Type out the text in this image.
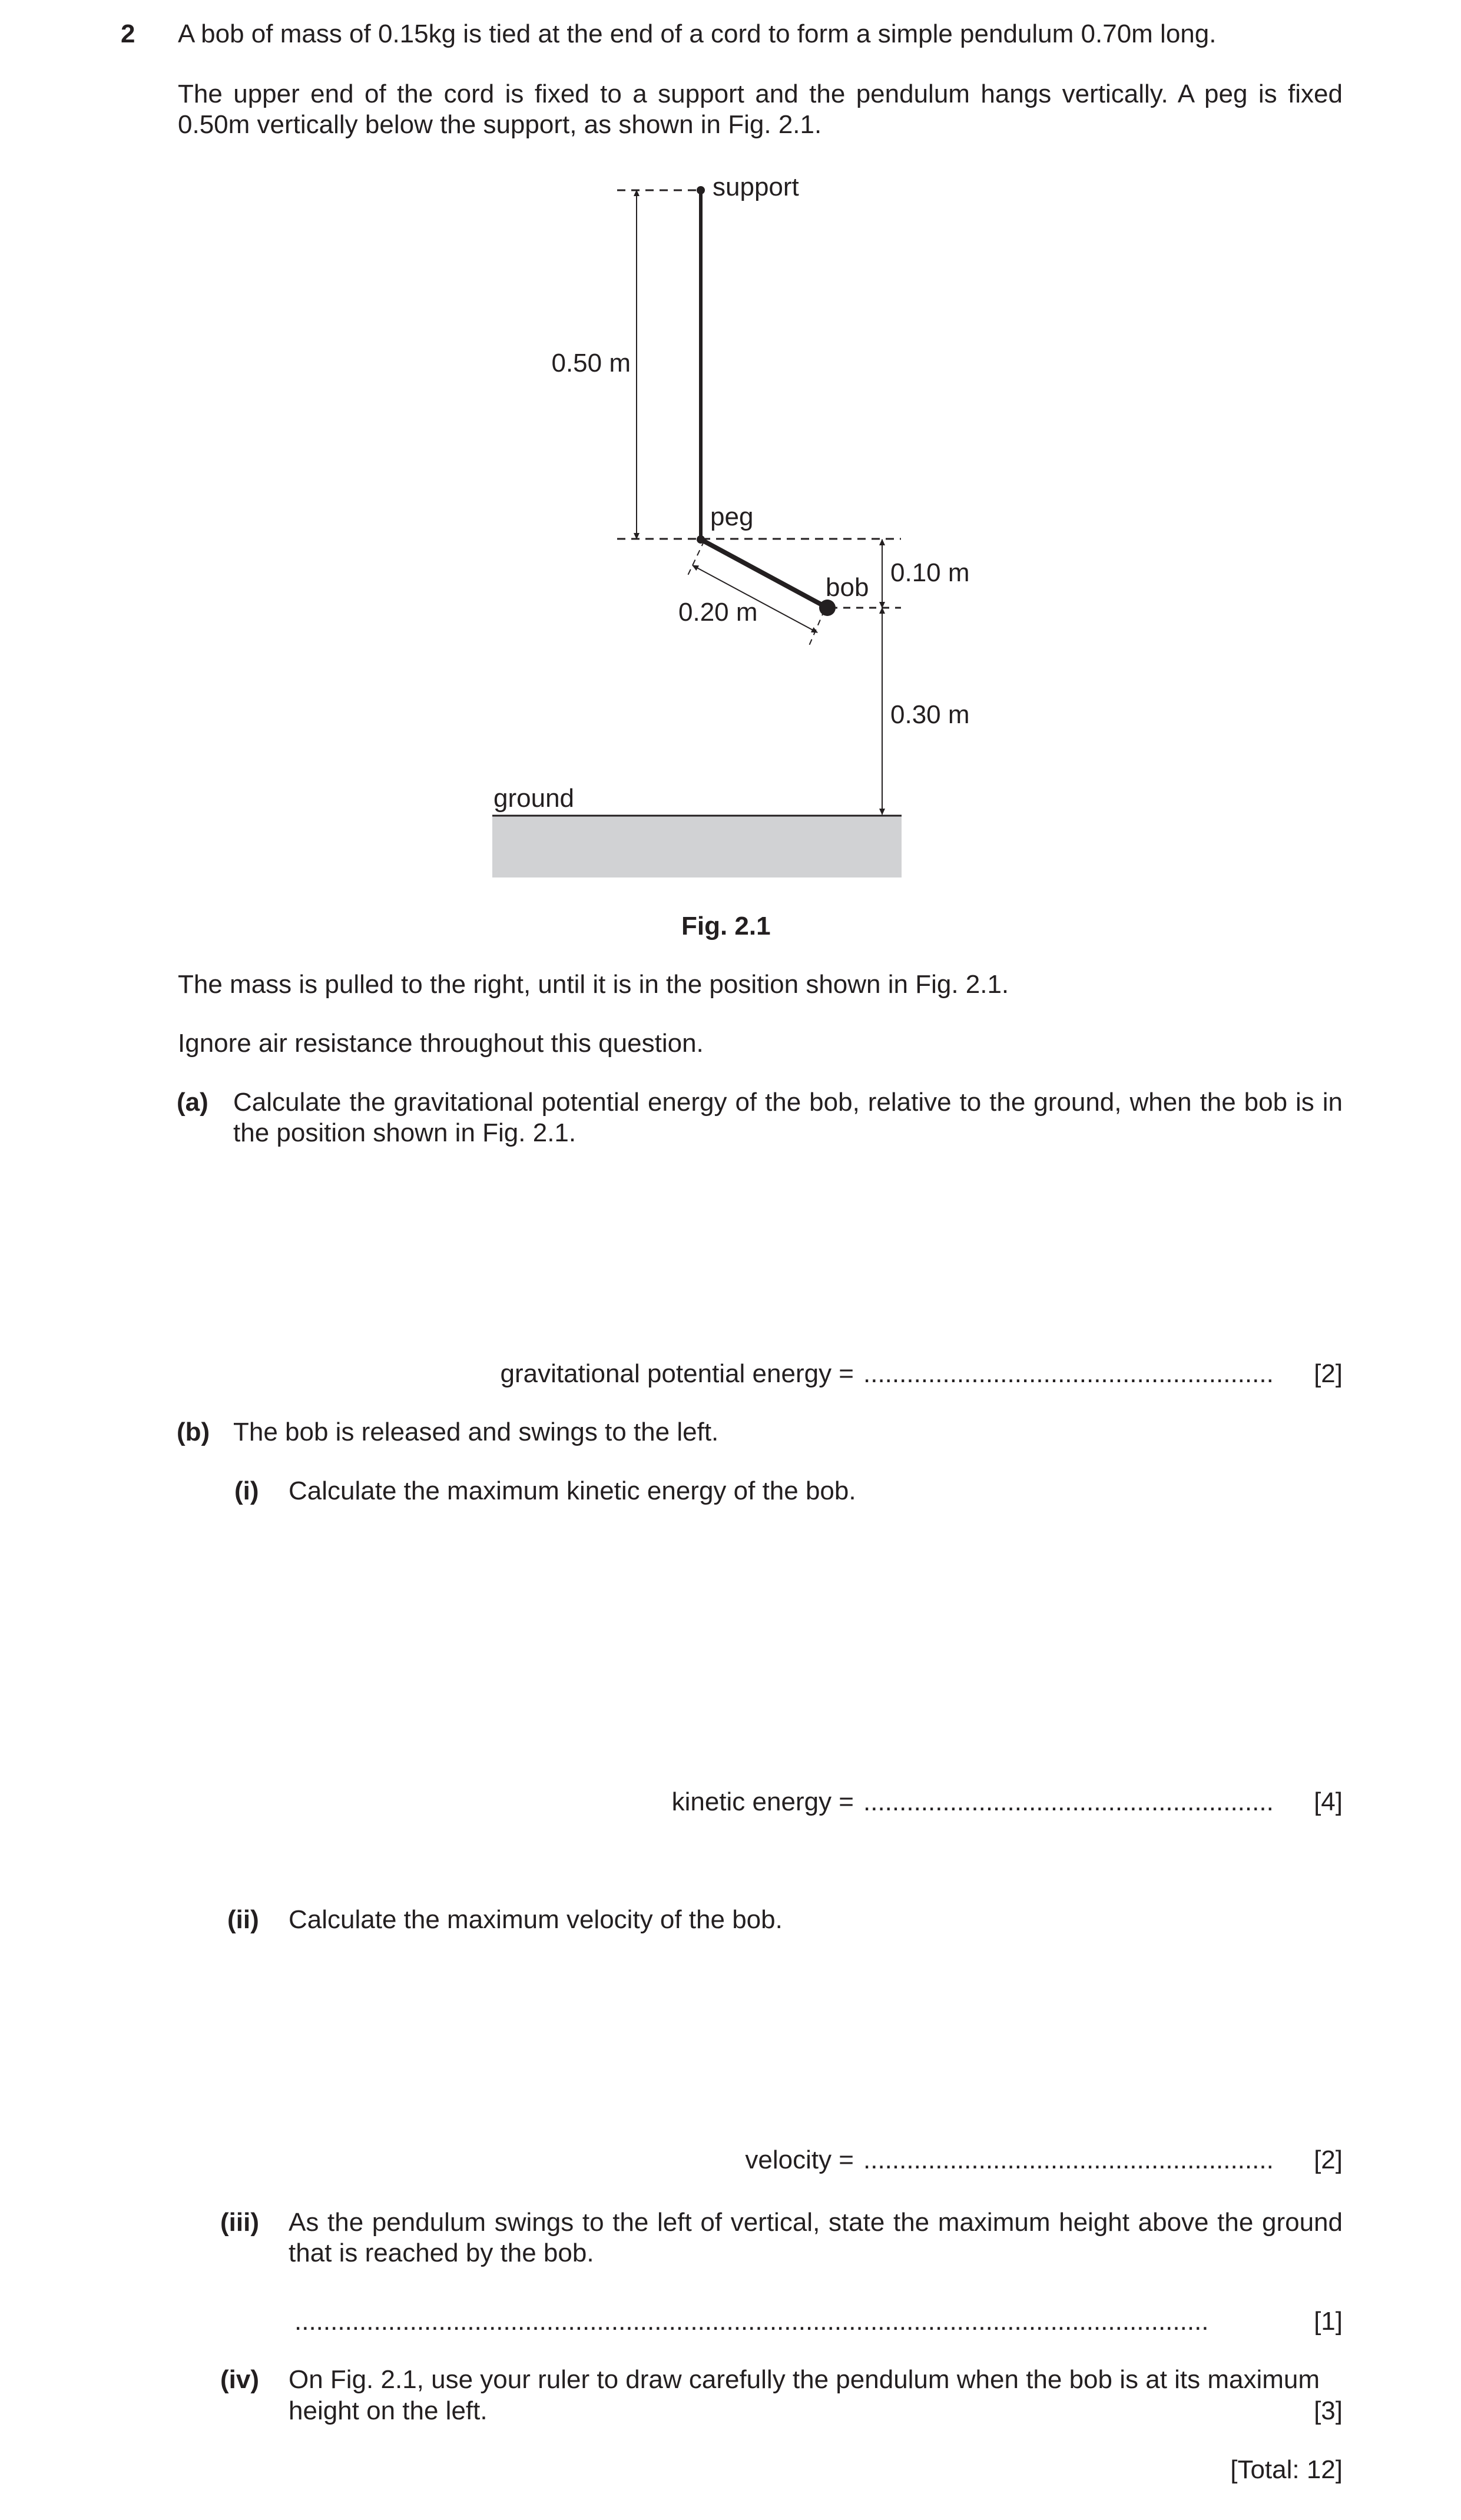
2 A bob of mass of 0.15kg is tied at the end of a cord to form a simple pendulum 0.70m long.
The upper end of the cord is fixed to a support and the pendulum hangs vertically. A peg is fixed 0.50m vertically below the support, as shown in Fig. 2.1.
support
peg
bob
ground
0.50 m
0.20 m
0.10 m
0.30 m
Fig. 2.1
The mass is pulled to the right, until it is in the position shown in Fig. 2.1.
Ignore air resistance throughout this question.
(a) Calculate the gravitational potential energy of the bob, relative to the ground, when the bob is in the position shown in Fig. 2.1.
gravitational potential energy = .........................................................	[2]
(b) The bob is released and swings to the left.
(i) Calculate the maximum kinetic energy of the bob.
kinetic energy = .........................................................	[4]
(ii) Calculate the maximum velocity of the bob.
velocity = .........................................................	[2]
(iii) As the pendulum swings to the left of vertical, state the maximum height above the ground that is reached by the bob.
...............................................................................................................................	[1]
(iv) On Fig. 2.1, use your ruler to draw carefully the pendulum when the bob is at its maximum
height on the left.	[3]
[Total: 12]
